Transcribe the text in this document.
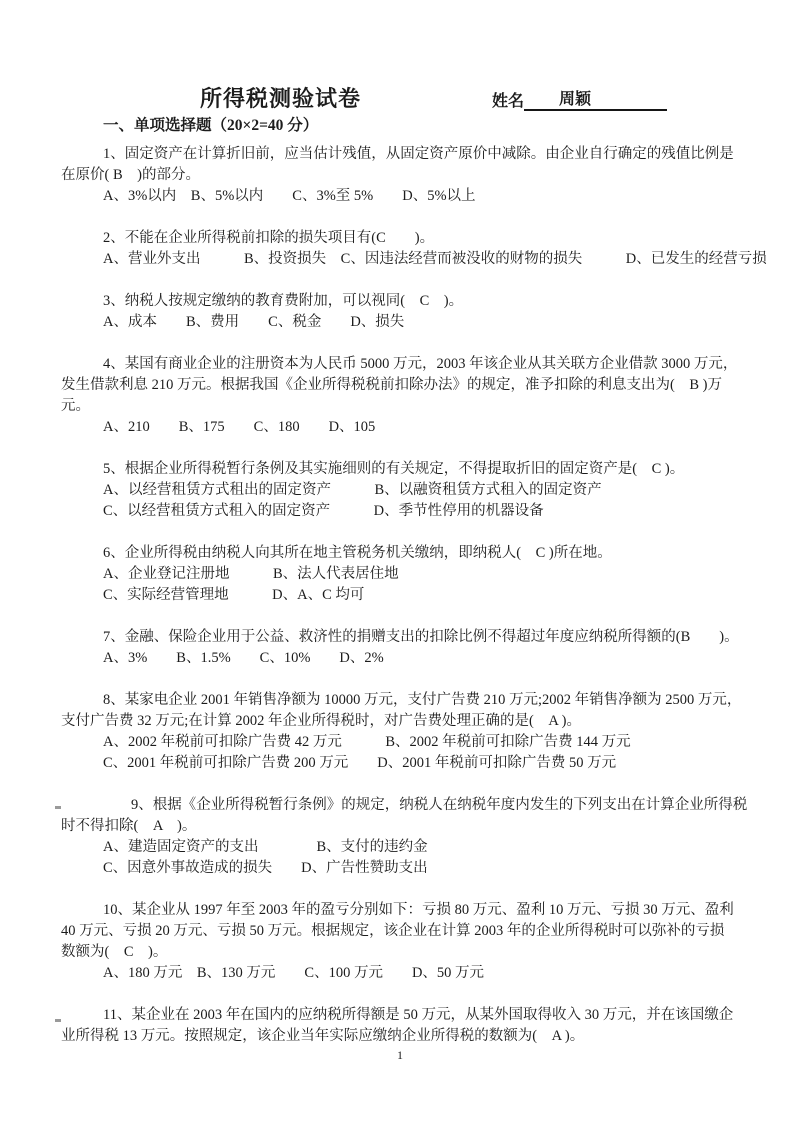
所得税测验试卷	姓名 周颖
一、单项选择题（20×2=40 分）
1、固定资产在计算折旧前，应当估计残值，从固定资产原价中减除。由企业自行确定的残值比例是
在原价( B　)的部分。
A、3%以内　B、5%以内　　C、3%至 5%　　D、5%以上
2、不能在企业所得税前扣除的损失项目有(C　　)。
A、营业外支出　　　B、投资损失　C、因违法经营而被没收的财物的损失　　　D、已发生的经营亏损
3、纳税人按规定缴纳的教育费附加，可以视同(　C　)。
A、成本　　B、费用　　C、税金　　D、损失
4、某国有商业企业的注册资本为人民币 5000 万元，2003 年该企业从其关联方企业借款 3000 万元，
发生借款利息 210 万元。根据我国《企业所得税税前扣除办法》的规定，准予扣除的利息支出为(　B )万
元。
A、210　　B、175　　C、180　　D、105
5、根据企业所得税暂行条例及其实施细则的有关规定，不得提取折旧的固定资产是(　C )。
A、以经营租赁方式租出的固定资产　　　B、以融资租赁方式租入的固定资产
C、以经营租赁方式租入的固定资产　　　D、季节性停用的机器设备
6、企业所得税由纳税人向其所在地主管税务机关缴纳，即纳税人(　C )所在地。
A、企业登记注册地　　　B、法人代表居住地
C、实际经营管理地　　　D、A、C 均可
7、金融、保险企业用于公益、救济性的捐赠支出的扣除比例不得超过年度应纳税所得额的(B　　)。
A、3%　　B、1.5%　　C、10%　　D、2%
8、某家电企业 2001 年销售净额为 10000 万元，支付广告费 210 万元;2002 年销售净额为 2500 万元，
支付广告费 32 万元;在计算 2002 年企业所得税时，对广告费处理正确的是(　A )。
A、2002 年税前可扣除广告费 42 万元　　　B、2002 年税前可扣除广告费 144 万元
C、2001 年税前可扣除广告费 200 万元　　D、2001 年税前可扣除广告费 50 万元
9、根据《企业所得税暂行条例》的规定，纳税人在纳税年度内发生的下列支出在计算企业所得税
时不得扣除(　A　)。
A、建造固定资产的支出　　　　B、支付的违约金
C、因意外事故造成的损失　　D、广告性赞助支出
10、某企业从 1997 年至 2003 年的盈亏分别如下：亏损 80 万元、盈利 10 万元、亏损 30 万元、盈利
40 万元、亏损 20 万元、亏损 50 万元。根据规定，该企业在计算 2003 年的企业所得税时可以弥补的亏损
数额为(　C　)。
A、180 万元　B、130 万元　　C、100 万元　　D、50 万元
11、某企业在 2003 年在国内的应纳税所得额是 50 万元，从某外国取得收入 30 万元，并在该国缴企
业所得税 13 万元。按照规定，该企业当年实际应缴纳企业所得税的数额为(　A )。
1
